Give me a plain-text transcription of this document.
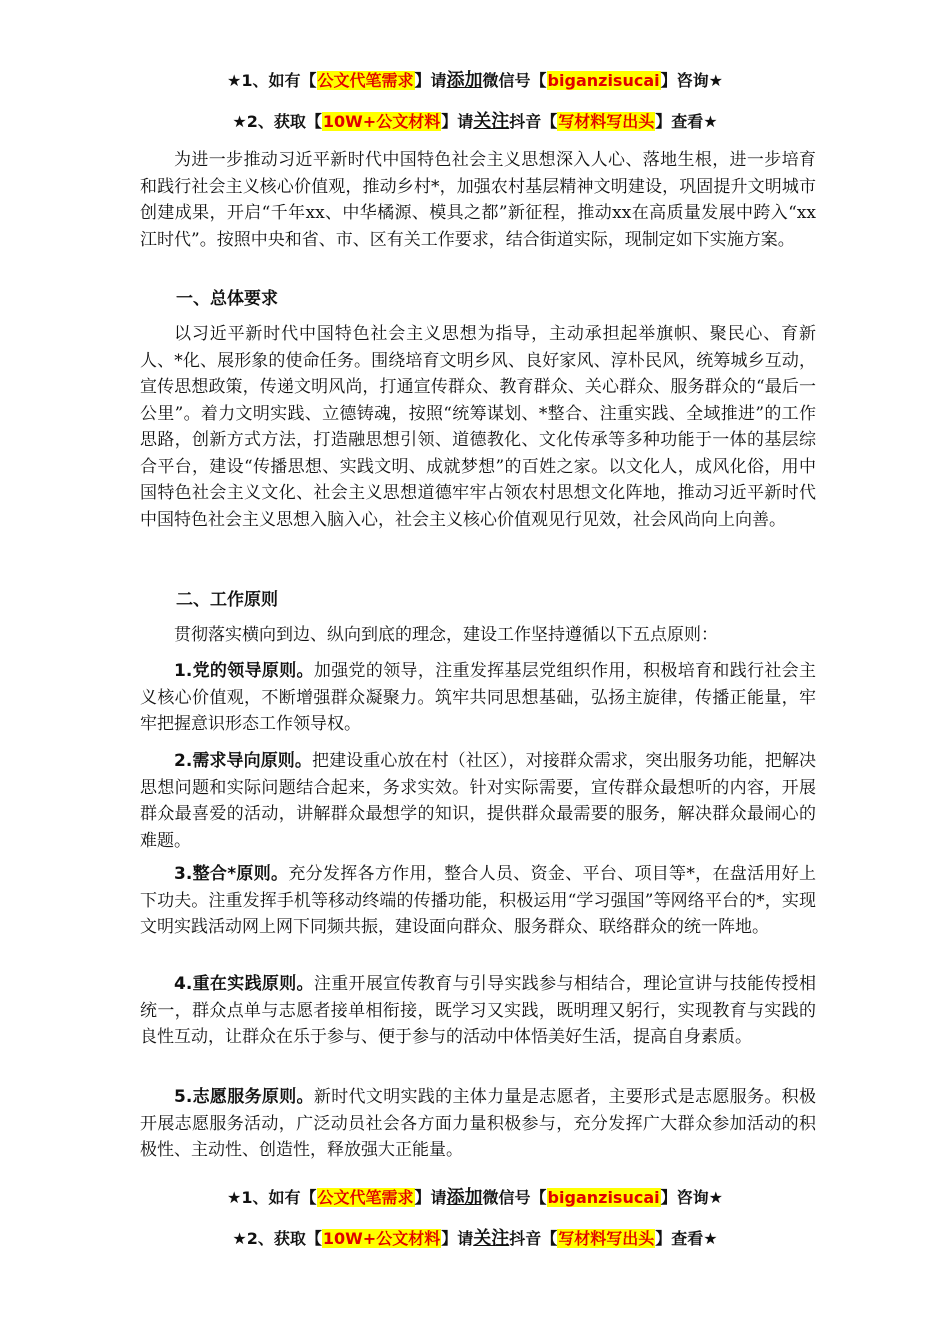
★1、如有【公文代笔需求】请添加微信号【biganzisucai】咨询★
★2、获取【10W+公文材料】请关注抖音【写材料写出头】查看★

为进一步推动习近平新时代中国特色社会主义思想深入人心、落地生根，进一步培育和践行社会主义核心价值观，推动乡村*，加强农村基层精神文明建设，巩固提升文明城市创建成果，开启“千年xx、中华橘源、模具之都”新征程，推动xx在高质量发展中跨入“xx江时代”。按照中央和省、市、区有关工作要求，结合街道实际，现制定如下实施方案。

一、总体要求

以习近平新时代中国特色社会主义思想为指导，主动承担起举旗帜、聚民心、育新人、*化、展形象的使命任务。围绕培育文明乡风、良好家风、淳朴民风，统筹城乡互动，宣传思想政策，传递文明风尚，打通宣传群众、教育群众、关心群众、服务群众的“最后一公里”。着力文明实践、立德铸魂，按照“统筹谋划、*整合、注重实践、全域推进”的工作思路，创新方式方法，打造融思想引领、道德教化、文化传承等多种功能于一体的基层综合平台，建设“传播思想、实践文明、成就梦想”的百姓之家。以文化人，成风化俗，用中国特色社会主义文化、社会主义思想道德牢牢占领农村思想文化阵地，推动习近平新时代中国特色社会主义思想入脑入心，社会主义核心价值观见行见效，社会风尚向上向善。

二、工作原则

贯彻落实横向到边、纵向到底的理念，建设工作坚持遵循以下五点原则：

1.党的领导原则。加强党的领导，注重发挥基层党组织作用，积极培育和践行社会主义核心价值观，不断增强群众凝聚力。筑牢共同思想基础，弘扬主旋律，传播正能量，牢牢把握意识形态工作领导权。

2.需求导向原则。把建设重心放在村（社区），对接群众需求，突出服务功能，把解决思想问题和实际问题结合起来，务求实效。针对实际需要，宣传群众最想听的内容，开展群众最喜爱的活动，讲解群众最想学的知识，提供群众最需要的服务，解决群众最闹心的难题。

3.整合*原则。充分发挥各方作用，整合人员、资金、平台、项目等*，在盘活用好上下功夫。注重发挥手机等移动终端的传播功能，积极运用“学习强国”等网络平台的*，实现文明实践活动网上网下同频共振，建设面向群众、服务群众、联络群众的统一阵地。

4.重在实践原则。注重开展宣传教育与引导实践参与相结合，理论宣讲与技能传授相统一，群众点单与志愿者接单相衔接，既学习又实践，既明理又躬行，实现教育与实践的良性互动，让群众在乐于参与、便于参与的活动中体悟美好生活，提高自身素质。

5.志愿服务原则。新时代文明实践的主体力量是志愿者，主要形式是志愿服务。积极开展志愿服务活动，广泛动员社会各方面力量积极参与，充分发挥广大群众参加活动的积极性、主动性、创造性，释放强大正能量。

★1、如有【公文代笔需求】请添加微信号【biganzisucai】咨询★
★2、获取【10W+公文材料】请关注抖音【写材料写出头】查看★
